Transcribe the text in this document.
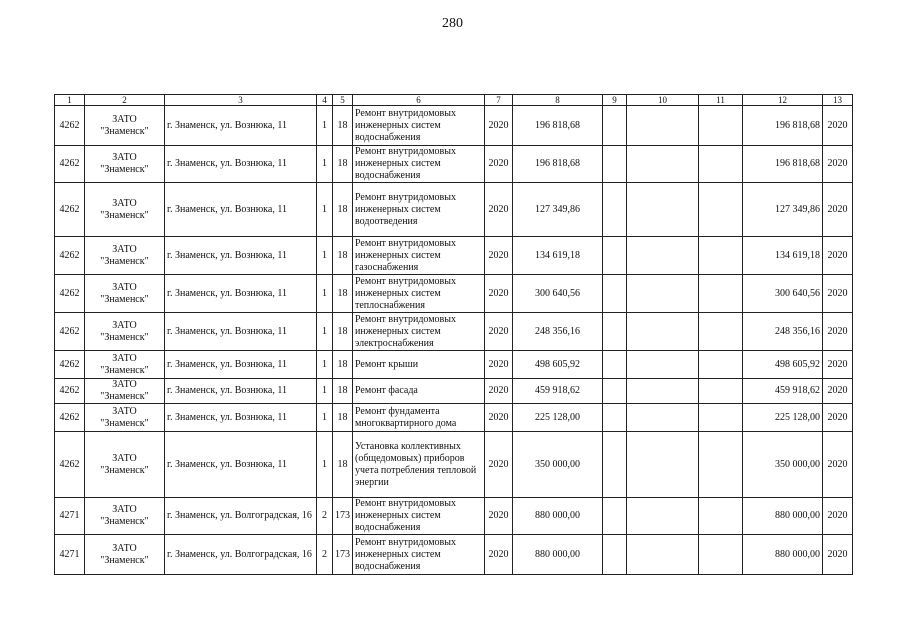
280
1	2	3	4	5	6	7	8	9	10	11	12	13
4262	ЗАТО "Знаменск"	г. Знаменск, ул. Вознюка, 11	1	18	Ремонт внутридомовых инженерных систем водоснабжения	2020	196 818,68				196 818,68	2020
4262	ЗАТО "Знаменск"	г. Знаменск, ул. Вознюка, 11	1	18	Ремонт внутридомовых инженерных систем водоснабжения	2020	196 818,68				196 818,68	2020
4262	ЗАТО "Знаменск"	г. Знаменск, ул. Вознюка, 11	1	18	Ремонт внутридомовых инженерных систем водоотведения	2020	127 349,86				127 349,86	2020
4262	ЗАТО "Знаменск"	г. Знаменск, ул. Вознюка, 11	1	18	Ремонт внутридомовых инженерных систем газоснабжения	2020	134 619,18				134 619,18	2020
4262	ЗАТО "Знаменск"	г. Знаменск, ул. Вознюка, 11	1	18	Ремонт внутридомовых инженерных систем теплоснабжения	2020	300 640,56				300 640,56	2020
4262	ЗАТО "Знаменск"	г. Знаменск, ул. Вознюка, 11	1	18	Ремонт внутридомовых инженерных систем электроснабжения	2020	248 356,16				248 356,16	2020
4262	ЗАТО "Знаменск"	г. Знаменск, ул. Вознюка, 11	1	18	Ремонт крыши	2020	498 605,92				498 605,92	2020
4262	ЗАТО "Знаменск"	г. Знаменск, ул. Вознюка, 11	1	18	Ремонт фасада	2020	459 918,62				459 918,62	2020
4262	ЗАТО "Знаменск"	г. Знаменск, ул. Вознюка, 11	1	18	Ремонт фундамента многоквартирного дома	2020	225 128,00				225 128,00	2020
4262	ЗАТО "Знаменск"	г. Знаменск, ул. Вознюка, 11	1	18	Установка коллективных (общедомовых) приборов учета потребления тепловой энергии	2020	350 000,00				350 000,00	2020
4271	ЗАТО "Знаменск"	г. Знаменск, ул. Волгоградская, 16	2	173	Ремонт внутридомовых инженерных систем водоснабжения	2020	880 000,00				880 000,00	2020
4271	ЗАТО "Знаменск"	г. Знаменск, ул. Волгоградская, 16	2	173	Ремонт внутридомовых инженерных систем водоснабжения	2020	880 000,00				880 000,00	2020
